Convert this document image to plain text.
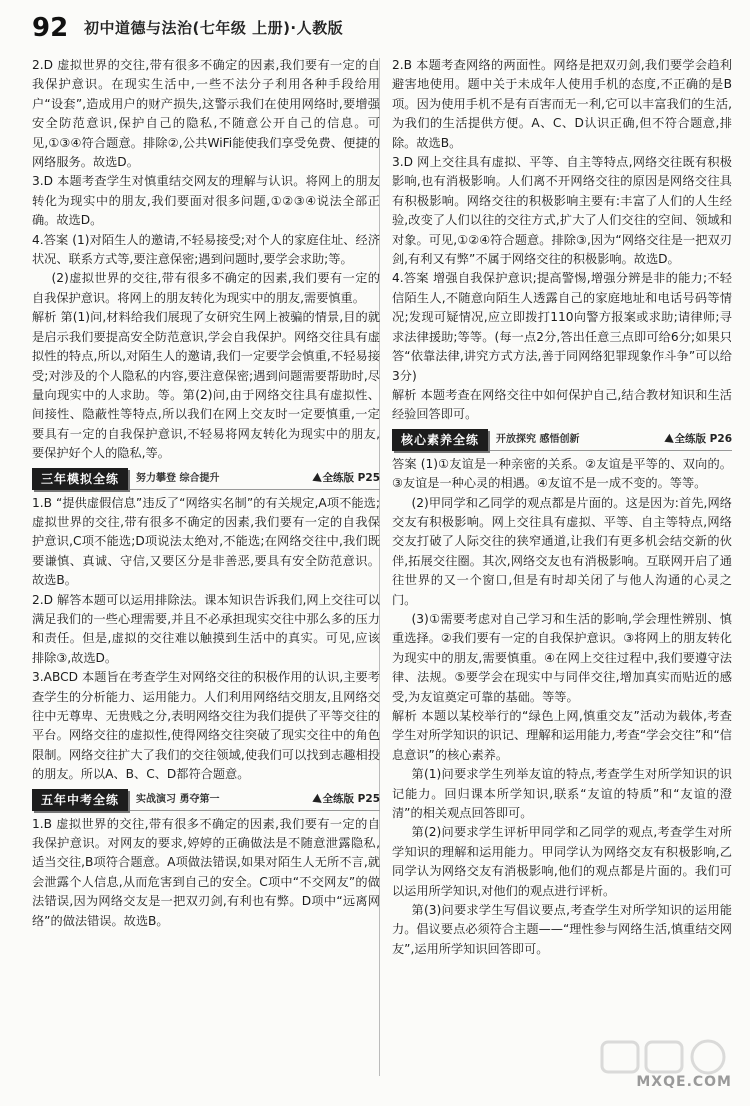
92 初中道德与法治(七年级 上册)·人教版

2.D 虚拟世界的交往,带有很多不确定的因素,我们要有一定的自我保护意识。在现实生活中,一些不法分子利用各种手段给用户“设套”,造成用户的财产损失,这警示我们在使用网络时,要增强安全防范意识,保护自己的隐私,不随意公开自己的信息。可见,①③④符合题意。排除②,公共WiFi能使我们享受免费、便捷的网络服务。故选D。

3.D 本题考查学生对慎重结交网友的理解与认识。将网上的朋友转化为现实中的朋友,我们要面对很多问题,①②③④说法全部正确。故选D。

4.答案 (1)对陌生人的邀请,不轻易接受;对个人的家庭住址、经济状况、联系方式等,要注意保密;遇到问题时,要学会求助;等。

(2)虚拟世界的交往,带有很多不确定的因素,我们要有一定的自我保护意识。将网上的朋友转化为现实中的朋友,需要慎重。

解析 第(1)问,材料给我们展现了女研究生网上被骗的情景,目的就是启示我们要提高安全防范意识,学会自我保护。网络交往具有虚拟性的特点,所以,对陌生人的邀请,我们一定要学会慎重,不轻易接受;对涉及的个人隐私的内容,要注意保密;遇到问题需要帮助时,尽量向现实中的人求助。等。第(2)问,由于网络交往具有虚拟性、间接性、隐蔽性等特点,所以我们在网上交友时一定要慎重,一定要具有一定的自我保护意识,不轻易将网友转化为现实中的朋友,要保护好个人的隐私,等。

三年模拟全练	努力攀登 综合提升	全练版 P25

1.B “提供虚假信息”违反了“网络实名制”的有关规定,A项不能选;虚拟世界的交往,带有很多不确定的因素,我们要有一定的自我保护意识,C项不能选;D项说法太绝对,不能选;在网络交往中,我们既要谦慎、真诚、守信,又要区分是非善恶,要具有安全防范意识。故选B。

2.D 解答本题可以运用排除法。课本知识告诉我们,网上交往可以满足我们的一些心理需要,并且不必承担现实交往中那么多的压力和责任。但是,虚拟的交往难以触摸到生活中的真实。可见,应该排除③,故选D。

3.ABCD 本题旨在考查学生对网络交往的积极作用的认识,主要考查学生的分析能力、运用能力。人们利用网络结交朋友,且网络交往中无尊卑、无贵贱之分,表明网络交往为我们提供了平等交往的平台。网络交往的虚拟性,使得网络交往突破了现实交往中的角色限制。网络交往扩大了我们的交往领域,使我们可以找到志趣相投的朋友。所以A、B、C、D都符合题意。

五年中考全练	实战演习 勇夺第一	全练版 P25

1.B 虚拟世界的交往,带有很多不确定的因素,我们要有一定的自我保护意识。对网友的要求,婷婷的正确做法是不随意泄露隐私,适当交往,B项符合题意。A项做法错误,如果对陌生人无所不言,就会泄露个人信息,从而危害到自己的安全。C项中“不交网友”的做法错误,因为网络交友是一把双刃剑,有利也有弊。D项中“远离网络”的做法错误。故选B。

2.B 本题考查网络的两面性。网络是把双刃剑,我们要学会趋利避害地使用。题中关于未成年人使用手机的态度,不正确的是B项。因为使用手机不是有百害而无一利,它可以丰富我们的生活,为我们的生活提供方便。A、C、D认识正确,但不符合题意,排除。故选B。

3.D 网上交往具有虚拟、平等、自主等特点,网络交往既有积极影响,也有消极影响。人们离不开网络交往的原因是网络交往具有积极影响。网络交往的积极影响主要有:丰富了人们的人生经验,改变了人们以往的交往方式,扩大了人们交往的空间、领域和对象。可见,①②④符合题意。排除③,因为“网络交往是一把双刃剑,有利又有弊”不属于网络交往的积极影响。故选D。

4.答案 增强自我保护意识;提高警惕,增强分辨是非的能力;不轻信陌生人,不随意向陌生人透露自己的家庭地址和电话号码等情况;发现可疑情况,应立即拨打110向警方报案或求助;请律师;寻求法律援助;等等。(每一点2分,答出任意三点即可给6分;如果只答“依靠法律,讲究方式方法,善于同网络犯罪现象作斗争”可以给3分)

解析 本题考查在网络交往中如何保护自己,结合教材知识和生活经验回答即可。

核心素养全练	开放探究 感悟创新	全练版 P26

答案 (1)①友谊是一种亲密的关系。②友谊是平等的、双向的。③友谊是一种心灵的相遇。④友谊不是一成不变的。等等。

(2)甲同学和乙同学的观点都是片面的。这是因为:首先,网络交友有积极影响。网上交往具有虚拟、平等、自主等特点,网络交友打破了人际交往的狭窄通道,让我们有更多机会结交新的伙伴,拓展交往圈。其次,网络交友也有消极影响。互联网开启了通往世界的又一个窗口,但是有时却关闭了与他人沟通的心灵之门。

(3)①需要考虑对自己学习和生活的影响,学会理性辨别、慎重选择。②我们要有一定的自我保护意识。③将网上的朋友转化为现实中的朋友,需要慎重。④在网上交往过程中,我们要遵守法律、法规。⑤要学会在现实中与同伴交往,增加真实而贴近的感受,为友谊奠定可靠的基础。等等。

解析 本题以某校举行的“绿色上网,慎重交友”活动为载体,考查学生对所学知识的识记、理解和运用能力,考查“学会交往”和“信息意识”的核心素养。

第(1)问要求学生列举友谊的特点,考查学生对所学知识的识记能力。回归课本所学知识,联系“友谊的特质”和“友谊的澄清”的相关观点回答即可。

第(2)问要求学生评析甲同学和乙同学的观点,考查学生对所学知识的理解和运用能力。甲同学认为网络交友有积极影响,乙同学认为网络交友有消极影响,他们的观点都是片面的。我们可以运用所学知识,对他们的观点进行评析。

第(3)问要求学生写倡议要点,考查学生对所学知识的运用能力。倡议要点必须符合主题——“理性参与网络生活,慎重结交网友”,运用所学知识回答即可。

MXQE.COM
